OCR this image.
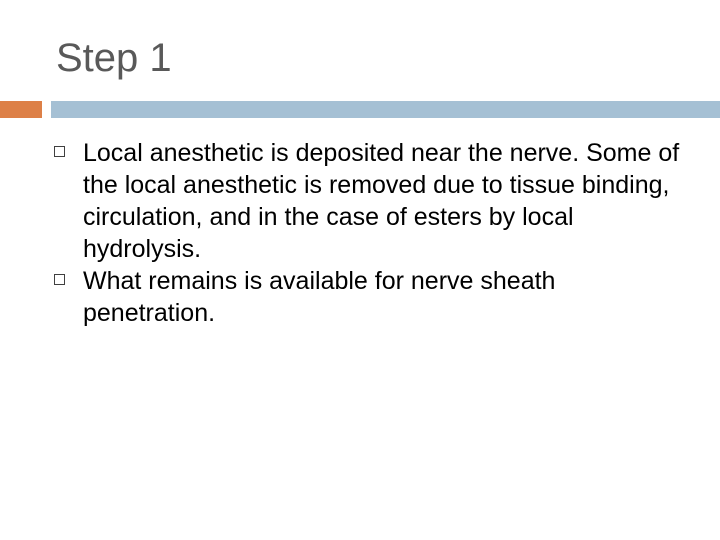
Step 1
Local anesthetic is deposited near the nerve. Some of the local anesthetic is removed due to tissue binding, circulation, and in the case of esters by local hydrolysis.
What remains is available for nerve sheath penetration.
